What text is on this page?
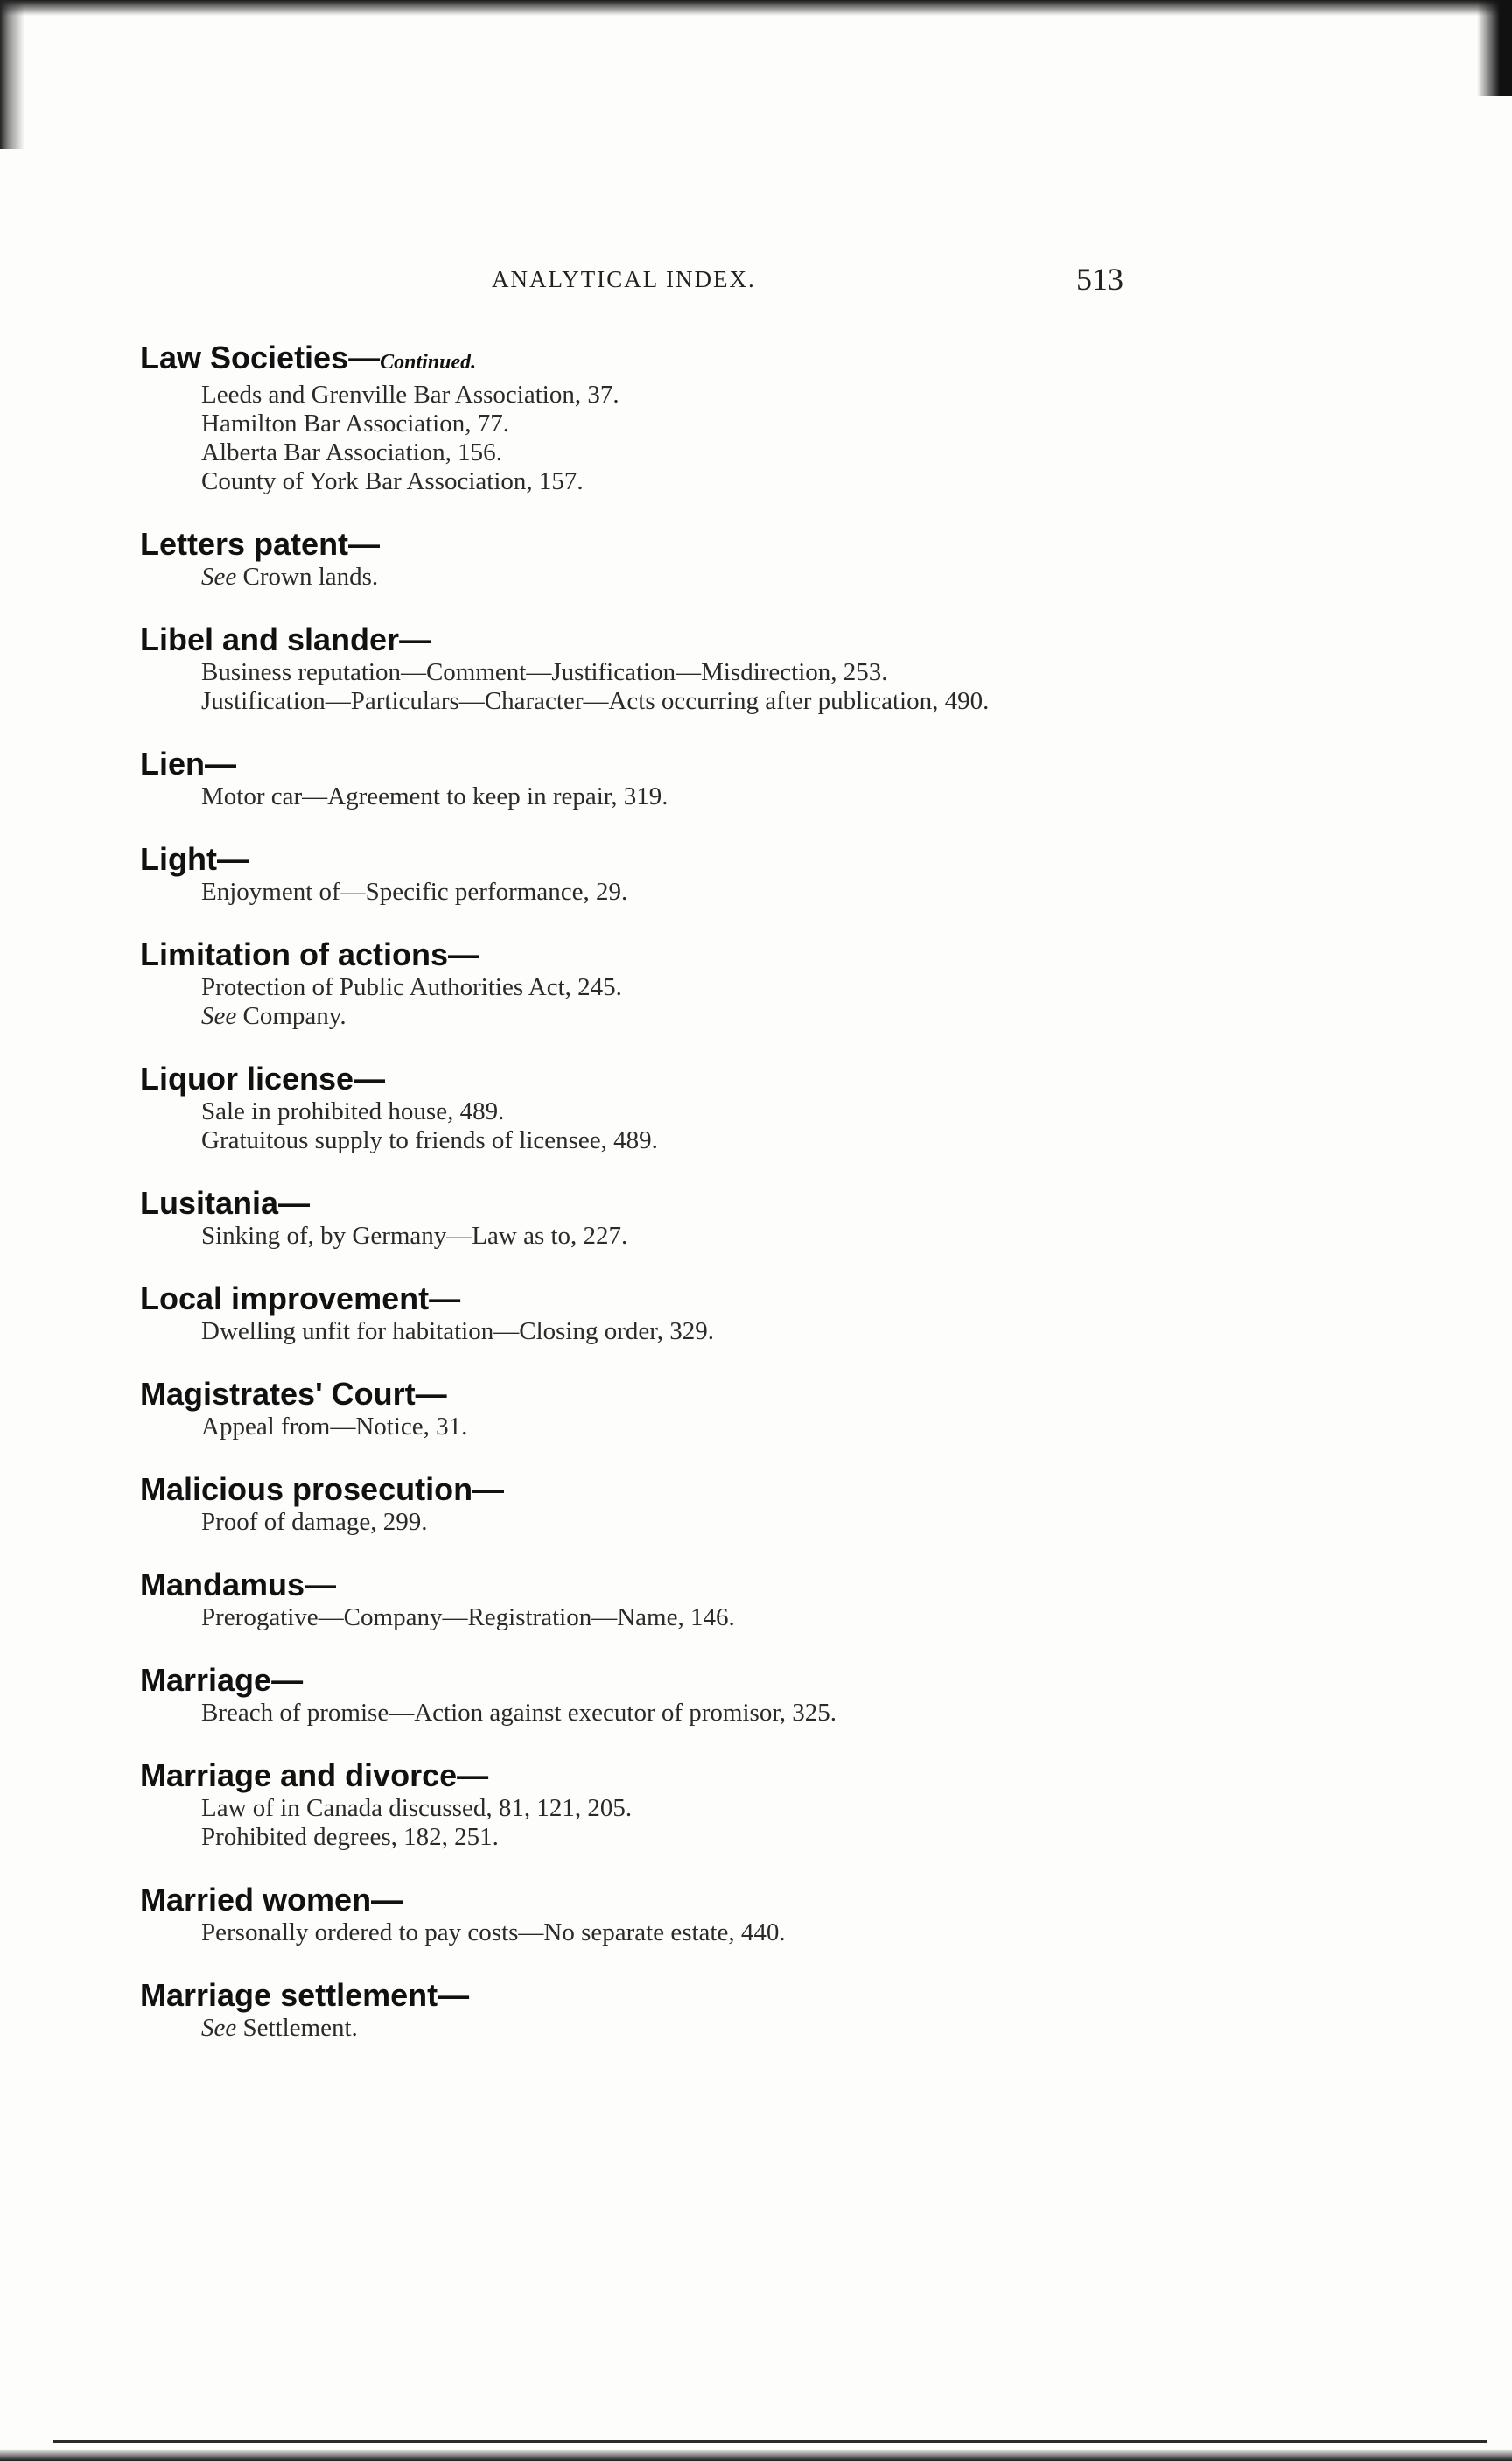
ANALYTICAL INDEX.	513
Law Societies—Continued.
Leeds and Grenville Bar Association, 37.
Hamilton Bar Association, 77.
Alberta Bar Association, 156.
County of York Bar Association, 157.
Letters patent—
See Crown lands.
Libel and slander—
Business reputation—Comment—Justification—Misdirection, 253.
Justification—Particulars—Character—Acts occurring after publication, 490.
Lien—
Motor car—Agreement to keep in repair, 319.
Light—
Enjoyment of—Specific performance, 29.
Limitation of actions—
Protection of Public Authorities Act, 245.
See Company.
Liquor license—
Sale in prohibited house, 489.
Gratuitous supply to friends of licensee, 489.
Lusitania—
Sinking of, by Germany—Law as to, 227.
Local improvement—
Dwelling unfit for habitation—Closing order, 329.
Magistrates' Court—
Appeal from—Notice, 31.
Malicious prosecution—
Proof of damage, 299.
Mandamus—
Prerogative—Company—Registration—Name, 146.
Marriage—
Breach of promise—Action against executor of promisor, 325.
Marriage and divorce—
Law of in Canada discussed, 81, 121, 205.
Prohibited degrees, 182, 251.
Married women—
Personally ordered to pay costs—No separate estate, 440.
Marriage settlement—
See Settlement.
